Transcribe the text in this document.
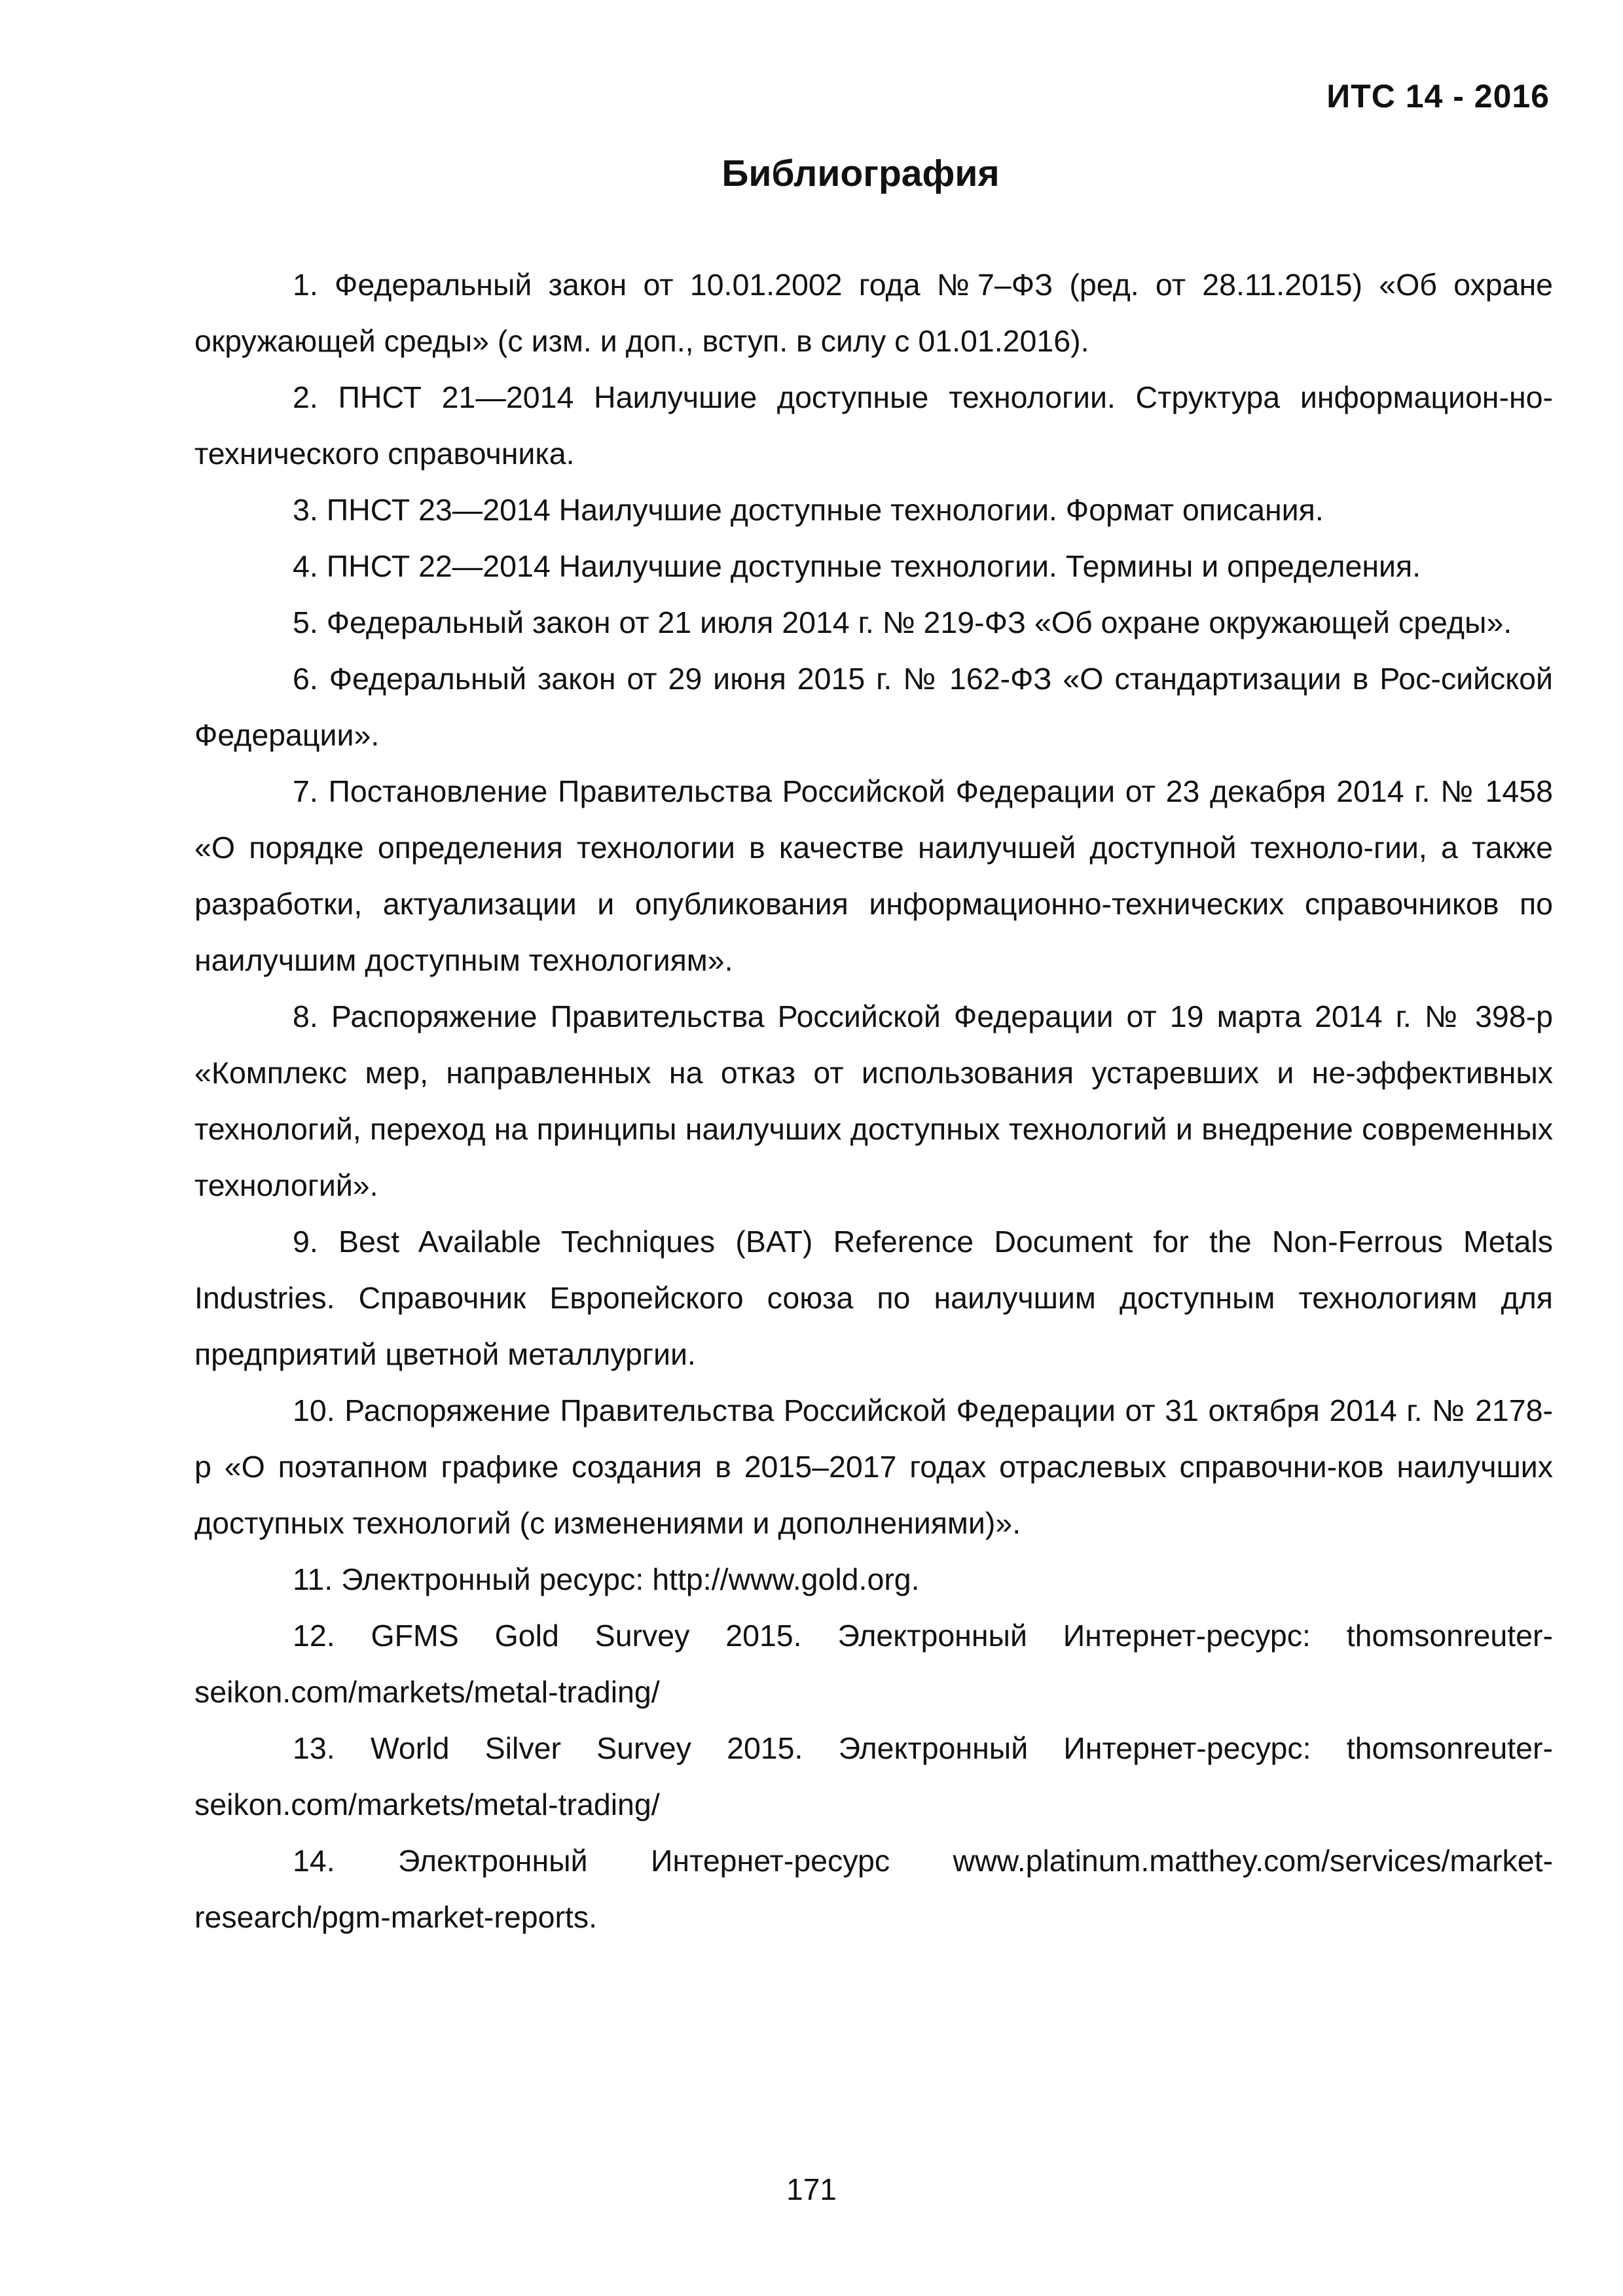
ИТС 14 - 2016
Библиография

1. Федеральный закон от 10.01.2002 года №7–ФЗ (ред. от 28.11.2015) «Об охране окружающей среды» (с изм. и доп., вступ. в силу с 01.01.2016).

2. ПНСТ 21—2014 Наилучшие доступные технологии. Структура информацион-но-технического справочника.

3. ПНСТ 23—2014 Наилучшие доступные технологии. Формат описания.

4. ПНСТ 22—2014 Наилучшие доступные технологии. Термины и определения.

5. Федеральный закон от 21 июля 2014 г. № 219-ФЗ «Об охране окружающей среды».

6. Федеральный закон от 29 июня 2015 г. № 162-ФЗ «О стандартизации в Рос-сийской Федерации».

7. Постановление Правительства Российской Федерации от 23 декабря 2014 г. № 1458 «О порядке определения технологии в качестве наилучшей доступной техноло-гии, а также разработки, актуализации и опубликования информационно-технических справочников по наилучшим доступным технологиям».

8. Распоряжение Правительства Российской Федерации от 19 марта 2014 г. № 398-р «Комплекс мер, направленных на отказ от использования устаревших и не-эффективных технологий, переход на принципы наилучших доступных технологий и внедрение современных технологий».

9. Best Available Techniques (BAT) Reference Document for the Non-Ferrous Metals Industries. Справочник Европейского союза по наилучшим доступным технологиям для предприятий цветной металлургии.

10. Распоряжение Правительства Российской Федерации от 31 октября 2014 г. № 2178-р «О поэтапном графике создания в 2015–2017 годах отраслевых справочни-ков наилучших доступных технологий (с изменениями и дополнениями)».

11. Электронный ресурс: http://www.gold.org.

12. GFMS Gold Survey 2015. Электронный Интернет-ресурс: thomsonreuter-seikon.com/markets/metal-trading/

13. World Silver Survey 2015. Электронный Интернет-ресурс: thomsonreuter-seikon.com/markets/metal-trading/

14. Электронный Интернет-ресурс www.platinum.matthey.com/services/market-research/pgm-market-reports.

171
